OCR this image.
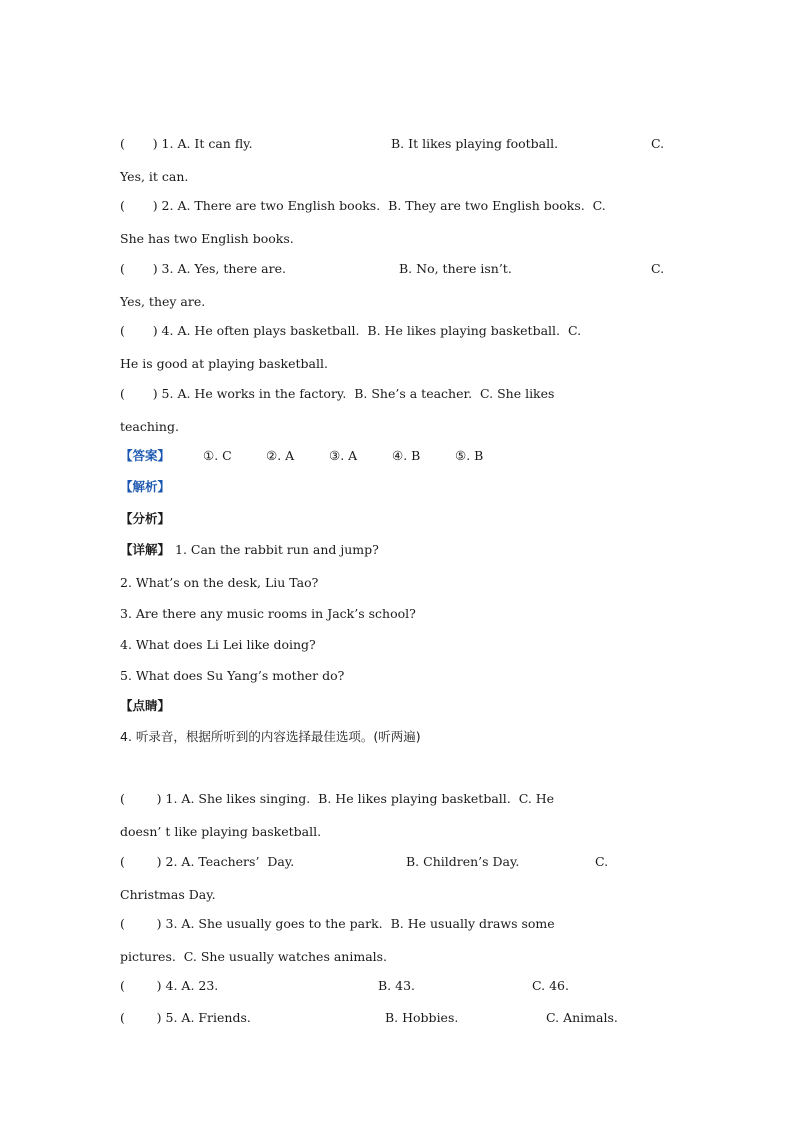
(       ) 1. A. It can fly.	B. It likes playing football.	C.
Yes, it can.
(       ) 2. A. There are two English books.  B. They are two English books.  C.
She has two English books.
(       ) 3. A. Yes, there are.	B. No, there isn’t.	C.
Yes, they are.
(       ) 4. A. He often plays basketball.  B. He likes playing basketball.  C.
He is good at playing basketball.
(       ) 5. A. He works in the factory.  B. She’s a teacher.  C. She likes
teaching.
【答案】	①. C	②. A	③. A	④. B	⑤. B
【解析】
【分析】
【详解】 1. Can the rabbit run and jump?
2. What’s on the desk, Liu Tao?
3. Are there any music rooms in Jack’s school?
4. What does Li Lei like doing?
5. What does Su Yang’s mother do?
【点睛】
4. 听录音，根据所听到的内容选择最佳选项。(听两遍)
(        ) 1. A. She likes singing.  B. He likes playing basketball.  C. He
doesn’ t like playing basketball.
(        ) 2. A. Teachers’  Day.	B. Children’s Day.	C.
Christmas Day.
(        ) 3. A. She usually goes to the park.  B. He usually draws some
pictures.  C. She usually watches animals.
(        ) 4. A. 23.	B. 43.	C. 46.
(        ) 5. A. Friends.	B. Hobbies.	C. Animals.
